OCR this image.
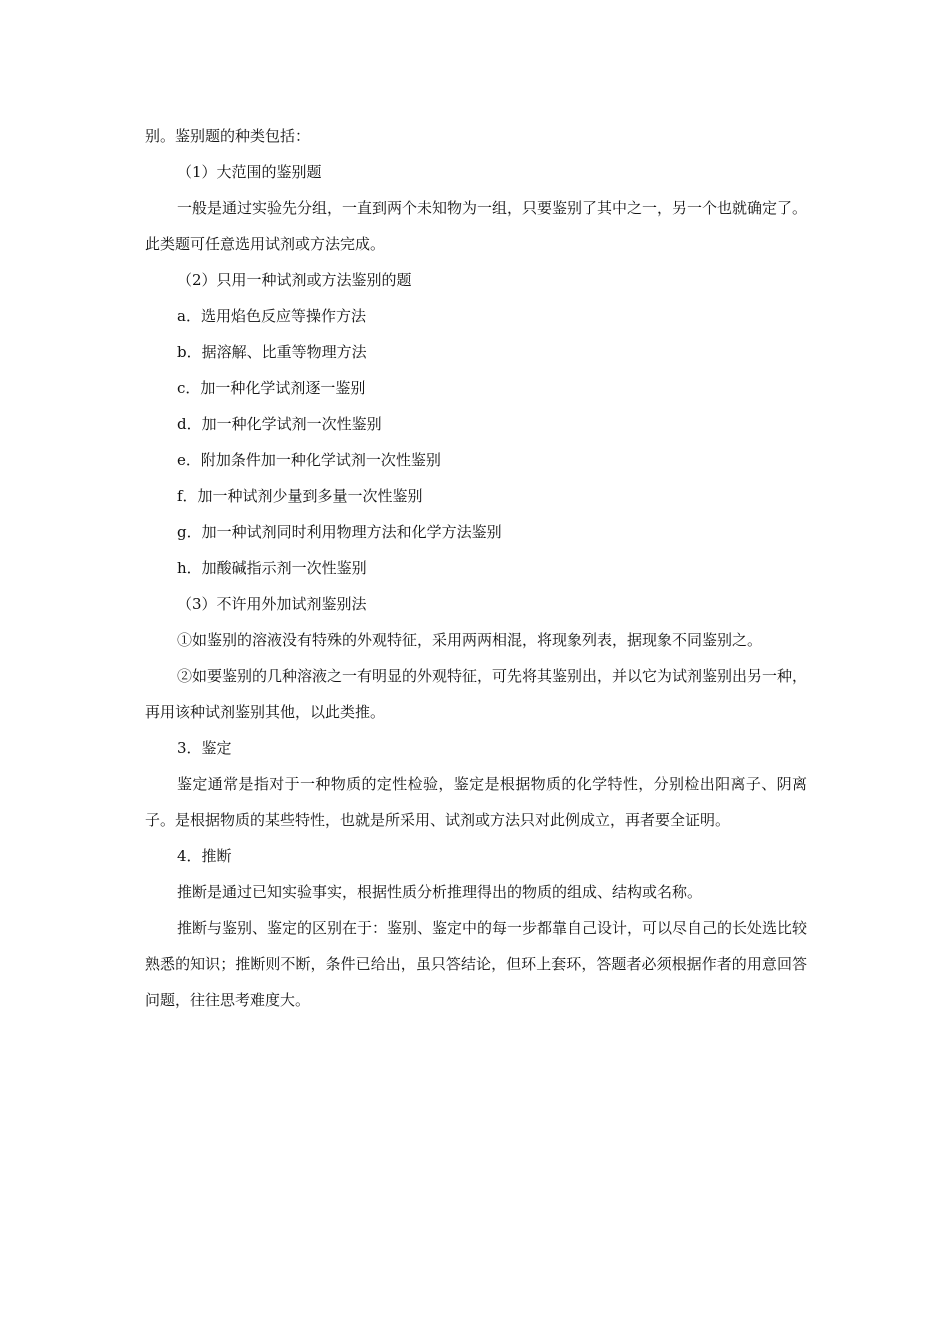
别。鉴别题的种类包括：

（1）大范围的鉴别题

一般是通过实验先分组，一直到两个未知物为一组，只要鉴别了其中之一，另一个也就确定了。此类题可任意选用试剂或方法完成。

（2）只用一种试剂或方法鉴别的题

a．选用焰色反应等操作方法

b．据溶解、比重等物理方法

c．加一种化学试剂逐一鉴别

d．加一种化学试剂一次性鉴别

e．附加条件加一种化学试剂一次性鉴别

f．加一种试剂少量到多量一次性鉴别

g．加一种试剂同时利用物理方法和化学方法鉴别

h．加酸碱指示剂一次性鉴别

（3）不许用外加试剂鉴别法

①如鉴别的溶液没有特殊的外观特征，采用两两相混，将现象列表，据现象不同鉴别之。

②如要鉴别的几种溶液之一有明显的外观特征，可先将其鉴别出，并以它为试剂鉴别出另一种，再用该种试剂鉴别其他，以此类推。

3．鉴定

鉴定通常是指对于一种物质的定性检验，鉴定是根据物质的化学特性，分别检出阳离子、阴离子。是根据物质的某些特性，也就是所采用、试剂或方法只对此例成立，再者要全证明。

4．推断

推断是通过已知实验事实，根据性质分析推理得出的物质的组成、结构或名称。

推断与鉴别、鉴定的区别在于：鉴别、鉴定中的每一步都靠自己设计，可以尽自己的长处选比较熟悉的知识；推断则不断，条件已给出，虽只答结论，但环上套环，答题者必须根据作者的用意回答问题，往往思考难度大。
